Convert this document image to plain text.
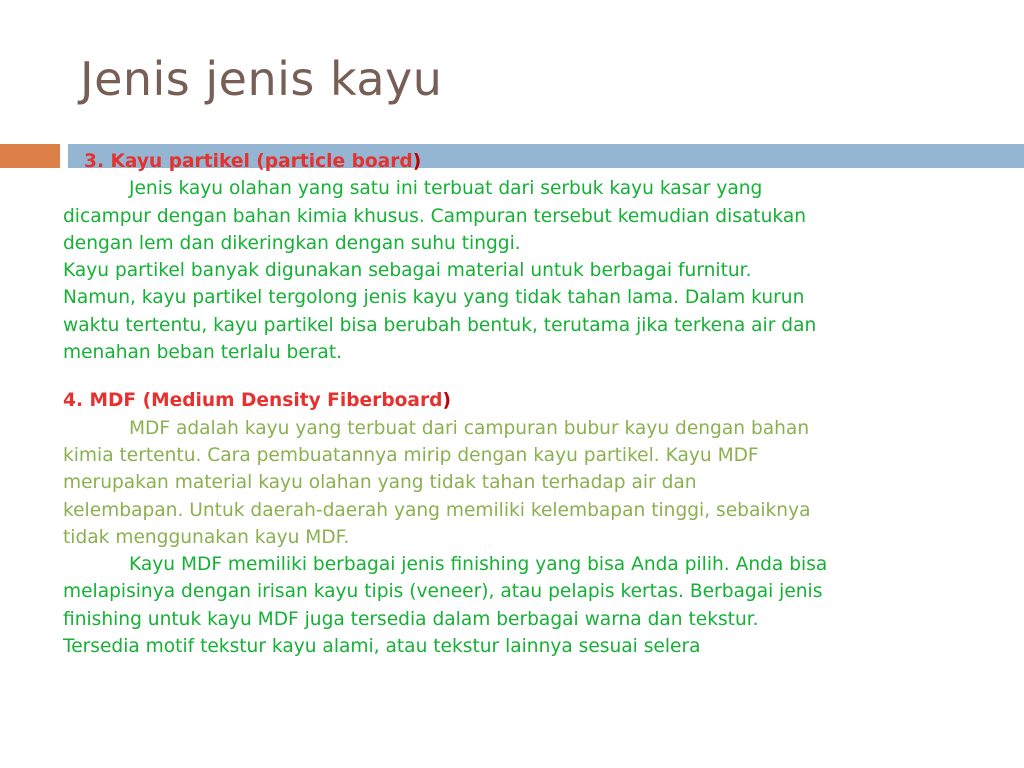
Jenis jenis kayu
3. Kayu partikel (particle board)
Jenis kayu olahan yang satu ini terbuat dari serbuk kayu kasar yang
dicampur dengan bahan kimia khusus. Campuran tersebut kemudian disatukan
dengan lem dan dikeringkan dengan suhu tinggi.
Kayu partikel banyak digunakan sebagai material untuk berbagai furnitur.
Namun, kayu partikel tergolong jenis kayu yang tidak tahan lama. Dalam kurun
waktu tertentu, kayu partikel bisa berubah bentuk, terutama jika terkena air dan
menahan beban terlalu berat.
4. MDF (Medium Density Fiberboard)
MDF adalah kayu yang terbuat dari campuran bubur kayu dengan bahan
kimia tertentu. Cara pembuatannya mirip dengan kayu partikel. Kayu MDF
merupakan material kayu olahan yang tidak tahan terhadap air dan
kelembapan. Untuk daerah-daerah yang memiliki kelembapan tinggi, sebaiknya
tidak menggunakan kayu MDF.
Kayu MDF memiliki berbagai jenis finishing yang bisa Anda pilih. Anda bisa
melapisinya dengan irisan kayu tipis (veneer), atau pelapis kertas. Berbagai jenis
finishing untuk kayu MDF juga tersedia dalam berbagai warna dan tekstur.
Tersedia motif tekstur kayu alami, atau tekstur lainnya sesuai selera
